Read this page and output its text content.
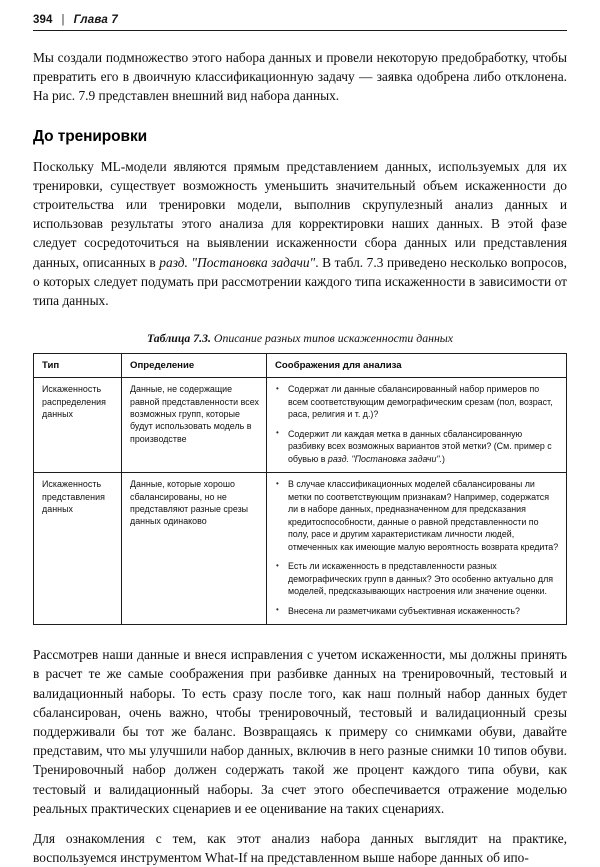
394 | Глава 7

Мы создали подмножество этого набора данных и провели некоторую предобработку, чтобы превратить его в двоичную классификационную задачу — заявка одобрена либо отклонена. На рис. 7.9 представлен внешний вид набора данных.

До тренировки

Поскольку ML-модели являются прямым представлением данных, используемых для их тренировки, существует возможность уменьшить значительный объем искаженности до строительства или тренировки модели, выполнив скрупулезный анализ данных и использовав результаты этого анализа для корректировки наших данных. В этой фазе следует сосредоточиться на выявлении искаженности сбора данных или представления данных, описанных в разд. "Постановка задачи". В табл. 7.3 приведено несколько вопросов, о которых следует подумать при рассмотрении каждого типа искаженности в зависимости от типа данных.

Таблица 7.3. Описание разных типов искаженности данных
Тип	Определение	Соображения для анализа
Искаженность распределения данных	Данные, не содержащие равной представленности всех возможных групп, которые будут использовать модель в производстве	
• Содержат ли данные сбалансированный набор примеров по всем соответствующим демографическим срезам (пол, возраст, раса, религия и т. д.)?
• Содержит ли каждая метка в данных сбалансированную разбивку всех возможных вариантов этой метки? (См. пример с обувью в разд. "Постановка задачи".)

Искаженность представления данных	Данные, которые хорошо сбалансированы, но не представляют разные срезы данных одинаково	
• В случае классификационных моделей сбалансированы ли метки по соответствующим признакам? Например, содержатся ли в наборе данных, предназначенном для предсказания кредитоспособности, данные о равной представленности по полу, расе и другим характеристикам личности людей, отмеченных как имеющие малую вероятность возврата кредита?
• Есть ли искаженность в представленности разных демографических групп в данных? Это особенно актуально для моделей, предсказывающих настроения или значение оценки.
• Внесена ли разметчиками субъективная искаженность?

Рассмотрев наши данные и внеся исправления с учетом искаженности, мы должны принять в расчет те же самые соображения при разбивке данных на тренировочный, тестовый и валидационный наборы. То есть сразу после того, как наш полный набор данных будет сбалансирован, очень важно, чтобы тренировочный, тестовый и валидационный срезы поддерживали бы тот же баланс. Возвращаясь к примеру со снимками обуви, давайте представим, что мы улучшили набор данных, включив в него разные снимки 10 типов обуви. Тренировочный набор должен содержать такой же процент каждого типа обуви, как тестовый и валидационный наборы. За счет этого обеспечивается отражение моделью реальных практических сценариев и ее оценивание на таких сценариях.

Для ознакомления с тем, как этот анализ набора данных выглядит на практике, воспользуемся инструментом What-If на представленном выше наборе данных об ипо-
